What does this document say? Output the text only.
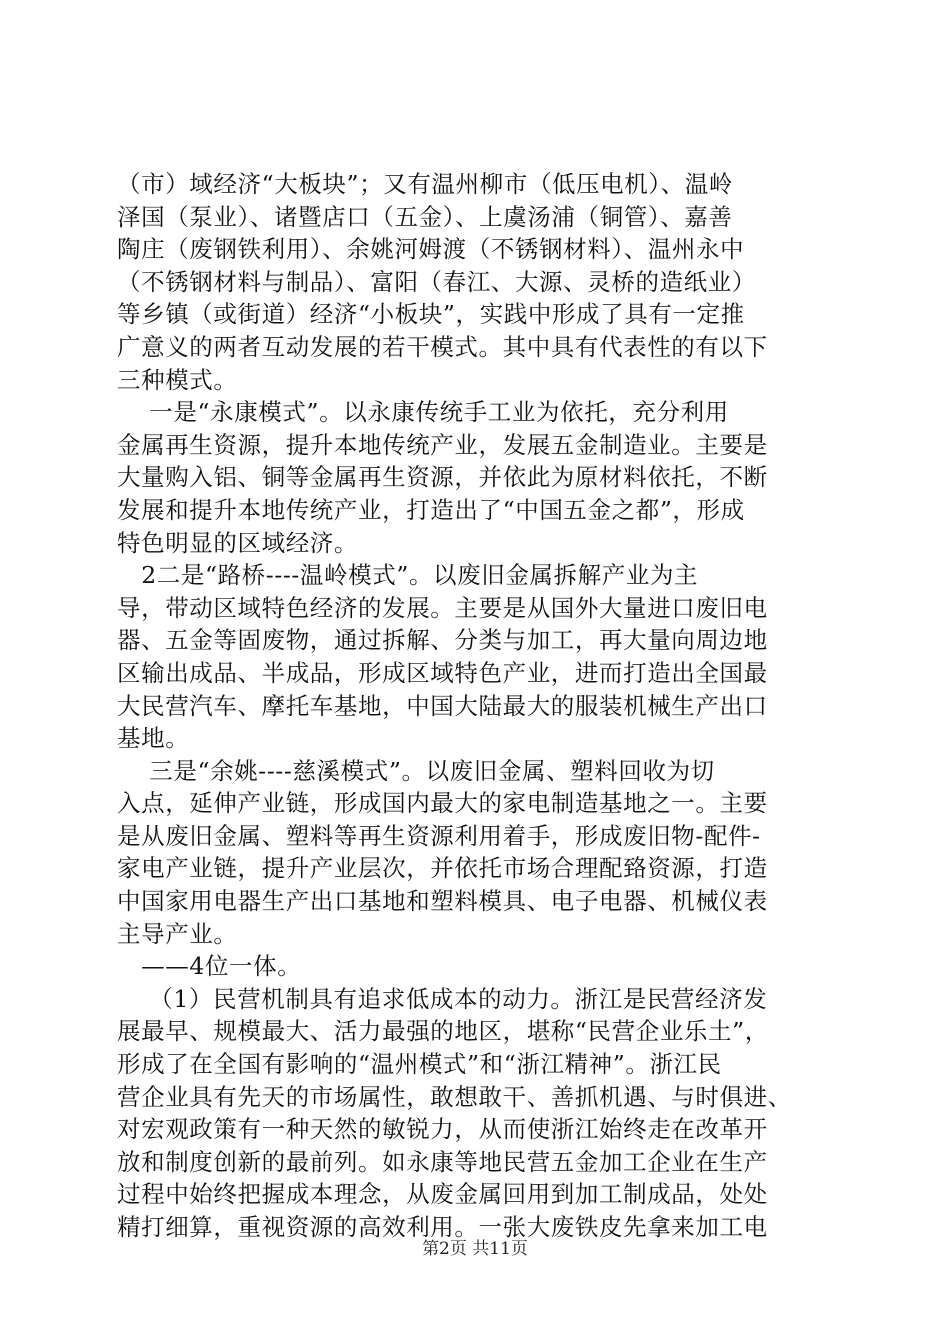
（市）域经济“大板块”；又有温州柳市（低压电机）、温岭
泽国（泵业）、诸暨店口（五金）、上虞汤浦（铜管）、嘉善
陶庄（废钢铁利用）、余姚河姆渡（不锈钢材料）、温州永中
（不锈钢材料与制品）、富阳（春江、大源、灵桥的造纸业）
等乡镇（或街道）经济“小板块”，实践中形成了具有一定推
广意义的两者互动发展的若干模式。其中具有代表性的有以下
三种模式。
一是“永康模式”。以永康传统手工业为依托，充分利用
金属再生资源，提升本地传统产业，发展五金制造业。主要是
大量购入铝、铜等金属再生资源，并依此为原材料依托，不断
发展和提升本地传统产业，打造出了“中国五金之都”，形成
特色明显的区域经济。
2二是“路桥----温岭模式”。以废旧金属拆解产业为主
导，带动区域特色经济的发展。主要是从国外大量进口废旧电
器、五金等固废物，通过拆解、分类与加工，再大量向周边地
区输出成品、半成品，形成区域特色产业，进而打造出全国最
大民营汽车、摩托车基地，中国大陆最大的服装机械生产出口
基地。
三是“余姚----慈溪模式”。以废旧金属、塑料回收为切
入点，延伸产业链，形成国内最大的家电制造基地之一。主要
是从废旧金属、塑料等再生资源利用着手，形成废旧物-配件-
家电产业链，提升产业层次，并依托市场合理配臵资源，打造
中国家用电器生产出口基地和塑料模具、电子电器、机械仪表
主导产业。
——4位一体。
（1）民营机制具有追求低成本的动力。浙江是民营经济发
展最早、规模最大、活力最强的地区，堪称“民营企业乐土”，
形成了在全国有影响的“温州模式”和“浙江精神”。浙江民
营企业具有先天的市场属性，敢想敢干、善抓机遇、与时俱进、
对宏观政策有一种天然的敏锐力，从而使浙江始终走在改革开
放和制度创新的最前列。如永康等地民营五金加工企业在生产
过程中始终把握成本理念，从废金属回用到加工制成品，处处
精打细算，重视资源的高效利用。一张大废铁皮先拿来加工电
第2页 共11页
